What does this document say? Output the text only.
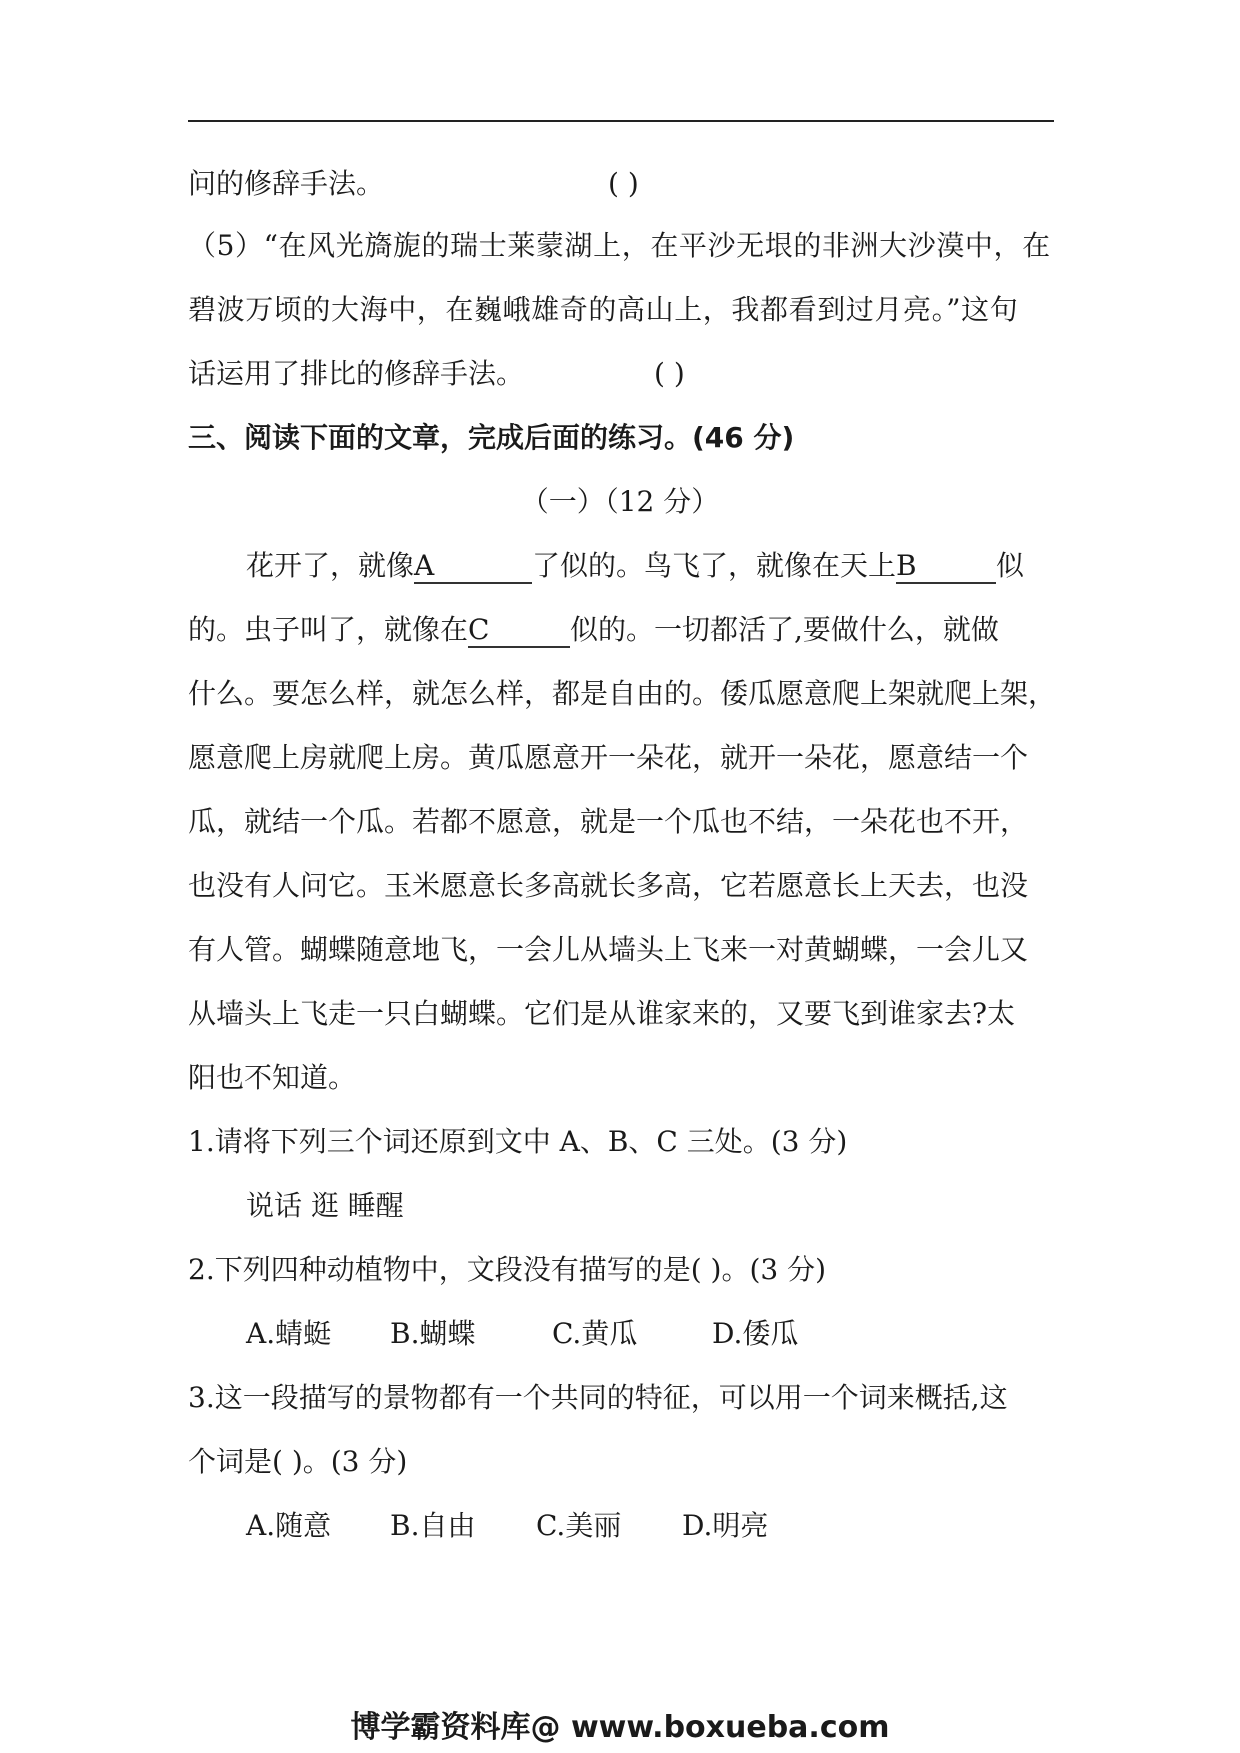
问的修辞手法。	( )
（5）“在风光旖旎的瑞士莱蒙湖上，在平沙无垠的非洲大沙漠中，在
碧波万顷的大海中，在巍峨雄奇的高山上，我都看到过月亮。”这句
话运用了排比的修辞手法。	( )
三、阅读下面的文章，完成后面的练习。(46 分)
（一）（12 分）
花开了，就像A	了似的。鸟飞了，就像在天上B	似
的。虫子叫了，就像在C	似的。一切都活了,要做什么，就做
什么。要怎么样，就怎么样，都是自由的。倭瓜愿意爬上架就爬上架，
愿意爬上房就爬上房。黄瓜愿意开一朵花，就开一朵花，愿意结一个
瓜，就结一个瓜。若都不愿意，就是一个瓜也不结，一朵花也不开，
也没有人问它。玉米愿意长多高就长多高，它若愿意长上天去，也没
有人管。蝴蝶随意地飞，一会儿从墙头上飞来一对黄蝴蝶，一会儿又
从墙头上飞走一只白蝴蝶。它们是从谁家来的，又要飞到谁家去?太
阳也不知道。
1.请将下列三个词还原到文中 A、B、C 三处。(3 分)
说话 逛 睡醒
2.下列四种动植物中，文段没有描写的是( )。(3 分)
A.蜻蜓 B.蝴蝶	C.黄瓜	D.倭瓜
3.这一段描写的景物都有一个共同的特征，可以用一个词来概括,这
个词是( )。(3 分)
A.随意 B.自由 C.美丽 D.明亮
博学霸资料库@ www.boxueba.com
